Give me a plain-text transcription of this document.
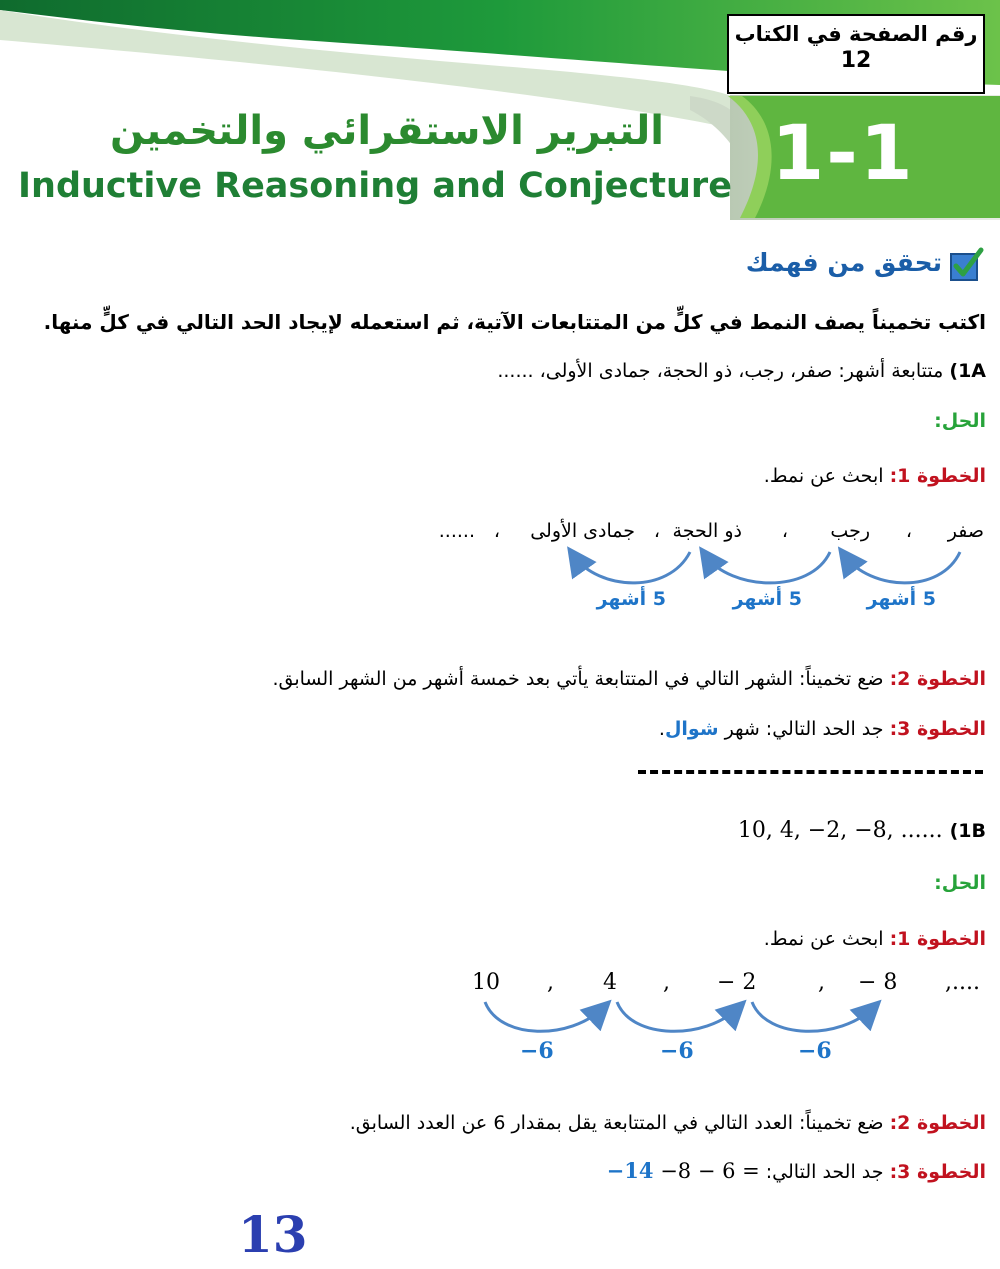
رقم الصفحة في الكتاب
12
1-1
التبرير الاستقرائي والتخمين
Inductive Reasoning and Conjecture
تحقق من فهمك
اكتب تخميناً يصف النمط في كلٍّ من المتتابعات الآتية، ثم استعمله لإيجاد الحد التالي في كلٍّ منها.
1A) متتابعة أشهر: صفر، رجب، ذو الحجة، جمادى الأولى، ......
الحل:
الخطوة 1: ابحث عن نمط.
صفر
،
رجب
،
ذو الحجة
،
جمادى الأولى
،
......
5 أشهر
5 أشهر
5 أشهر
الخطوة 2: ضع تخميناً: الشهر التالي في المتتابعة يأتي بعد خمسة أشهر من الشهر السابق.
الخطوة 3: جد الحد التالي: شهر شوال.
10, 4, −2, −8, ...... (1B
الحل:
الخطوة 1: ابحث عن نمط.
10 , 4 , − 2	, − 8 ,....
−6	−6	−6
الخطوة 2: ضع تخميناً: العدد التالي في المتتابعة يقل بمقدار 6 عن العدد السابق.
الخطوة 3: جد الحد التالي: −14 −8 − 6 =
13
